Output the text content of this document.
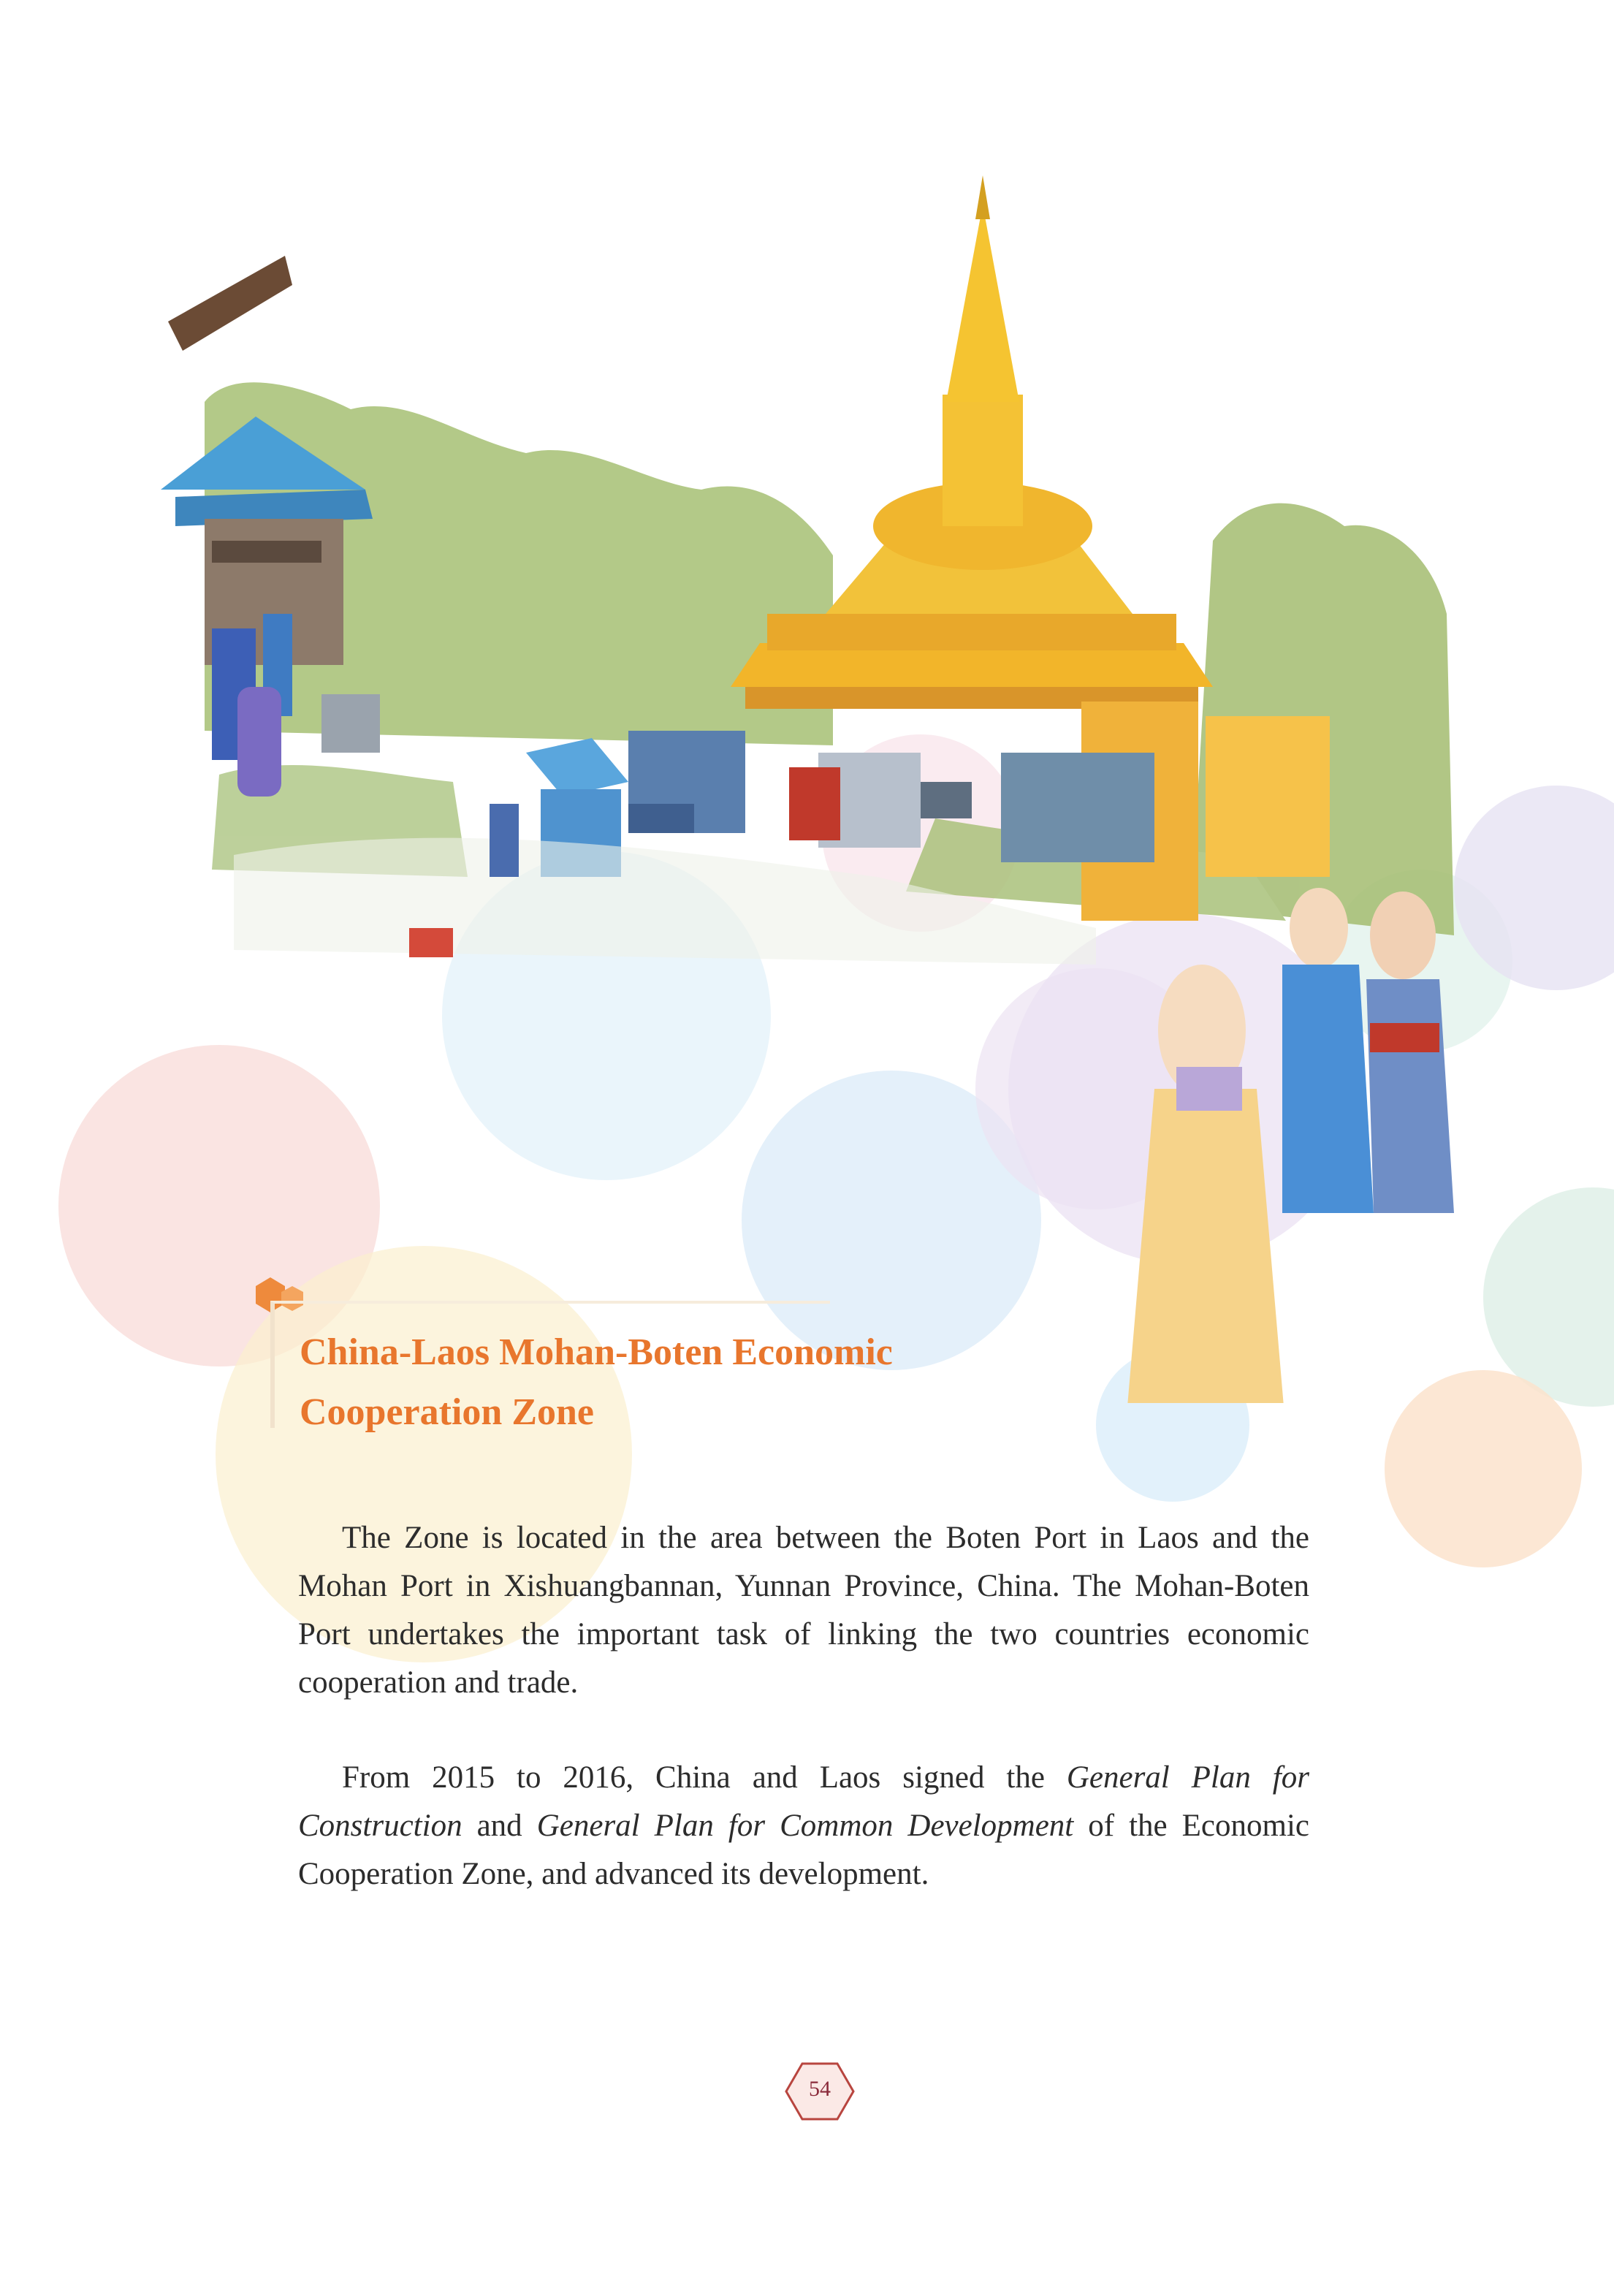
China-Laos Mohan-Boten Economic
Cooperation Zone

The Zone is located in the area between the Boten Port in Laos and the Mohan Port in Xishuangbannan, Yunnan Province, China. The Mohan-Boten Port undertakes the important task of linking the two countries economic cooperation and trade.

From 2015 to 2016, China and Laos signed the General Plan for Construction and General Plan for Common Development of the Economic Cooperation Zone, and advanced its development.

54
